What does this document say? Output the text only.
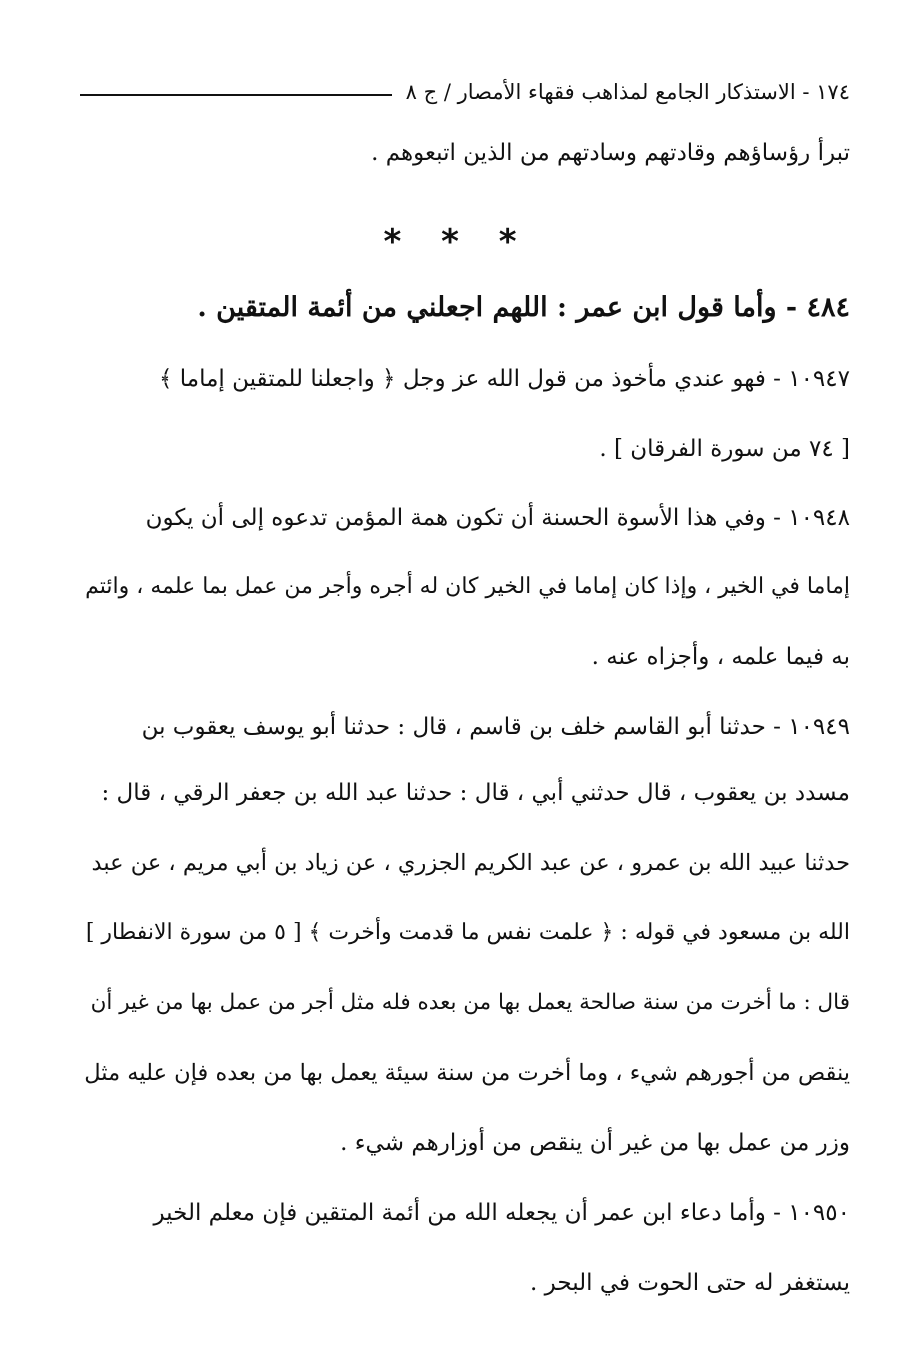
١٧٤ - الاستذكار الجامع لمذاهب فقهاء الأمصار / ج ٨
تبرأ رؤساؤهم وقادتهم وسادتهم من الذين اتبعوهم .
* * *
٤٨٤ - وأما قول ابن عمر : اللهم اجعلني من أئمة المتقين .
١٠٩٤٧ - فهو عندي مأخوذ من قول الله عز وجل ﴿ واجعلنا للمتقين إماما ﴾
[ ٧٤ من سورة الفرقان ] .
١٠٩٤٨ - وفي هذا الأسوة الحسنة أن تكون همة المؤمن تدعوه إلى أن يكون
إماما في الخير ، وإذا كان إماما في الخير كان له أجره وأجر من عمل بما علمه ، وائتم
به فيما علمه ، وأجزاه عنه .
١٠٩٤٩ - حدثنا أبو القاسم خلف بن قاسم ، قال : حدثنا أبو يوسف يعقوب بن
مسدد بن يعقوب ، قال حدثني أبي ، قال : حدثنا عبد الله بن جعفر الرقي ، قال :
حدثنا عبيد الله بن عمرو ، عن عبد الكريم الجزري ، عن زياد بن أبي مريم ، عن عبد
الله بن مسعود في قوله : ﴿ علمت نفس ما قدمت وأخرت ﴾ [ ٥ من سورة الانفطار ]
قال : ما أخرت من سنة صالحة يعمل بها من بعده فله مثل أجر من عمل بها من غير أن
ينقص من أجورهم شيء ، وما أخرت من سنة سيئة يعمل بها من بعده فإن عليه مثل
وزر من عمل بها من غير أن ينقص من أوزارهم شيء .
١٠٩٥٠ - وأما دعاء ابن عمر أن يجعله الله من أئمة المتقين فإن معلم الخير
يستغفر له حتى الحوت في البحر .
